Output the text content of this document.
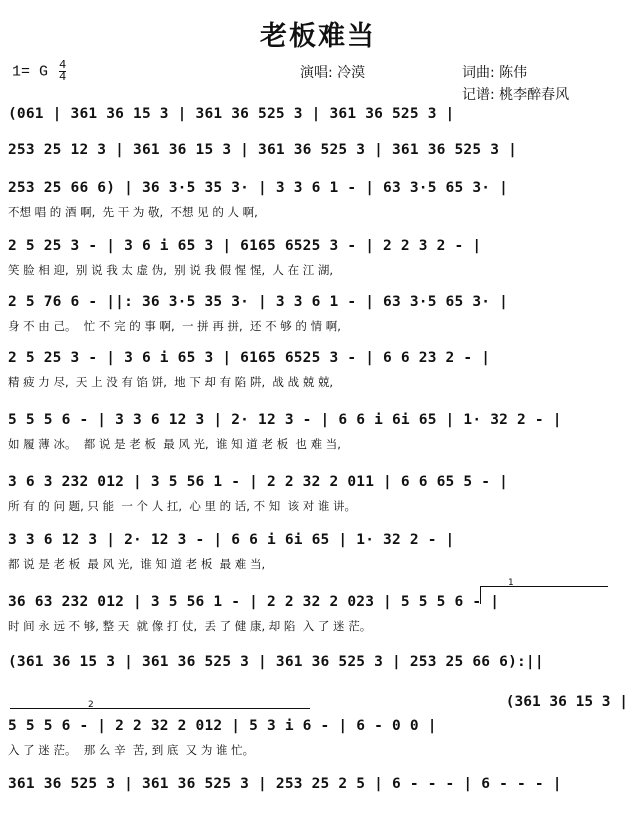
老板难当
1= G $\frac{4}{4}$	演唱: 冷漠	词曲: 陈伟
记谱: 桃李醉春风
(061 | 361 36 15 3 | 361 36 525 3 | 361 36 525 3 |
253 25 12 3 | 361 36 15 3 | 361 36 525 3 | 361 36 525 3 |
253 25 66 6) | 36 3·5 35 3· | 3 3 6 1 - | 63 3·5 65 3· |
不想 唱 的 酒 啊,  先 干 为 敬,  不想 见 的 人 啊,
2 5 25 3 - | 3 6 i 65 3 | 6165 6525 3 - | 2 2 3 2 - |
笑 脸 相 迎,  别 说 我 太 虚 伪,  别 说 我 假 惺 惺,  人 在 江 湖,
2 5 76 6 - ||: 36 3·5 35 3· | 3 3 6 1 - | 63 3·5 65 3· |
身 不 由 己。  忙 不 完 的 事 啊,  一 拼 再 拼,  还 不 够 的 情 啊,
2 5 25 3 - | 3 6 i 65 3 | 6165 6525 3 - | 6 6 23 2 - |
精 疲 力 尽,  天 上 没 有 馅 饼,  地 下 却 有 陷 阱,  战 战 兢 兢,
5 5 5 6 - | 3 3 6 12 3 | 2· 12 3 - | 6 6 i 6i 65 | 1· 32 2 - |
如 履 薄 冰。  都 说 是 老 板  最 风 光,  谁 知 道 老 板  也 难 当,
3 6 3 232 012 | 3 5 56 1 - | 2 2 32 2 011 | 6 6 65 5 - |
所 有 的 问 题, 只 能  一 个 人 扛,  心 里 的 话, 不 知  该 对 谁 讲。
3 3 6 12 3 | 2· 12 3 - | 6 6 i 6i 65 | 1· 32 2 - |
都 说 是 老 板  最 风 光,  谁 知 道 老 板  最 难 当,
36 63 232 012 | 3 5 56 1 - | 2 2 32 2 023 | 5 5 5 6 - |
时 间 永 远 不 够, 整 天  就 像 打 仗,  丢 了 健 康, 却 陷  入 了 迷 茫。
(361 36 15 3 | 361 36 525 3 | 361 36 525 3 | 253 25 66 6):||
5 5 5 6 - | 2 2 32 2 012 | 5 3 i 6 - | 6 - 0 0 |
入 了 迷 茫。  那 么 辛  苦, 到 底  又 为 谁 忙。
361 36 525 3 | 361 36 525 3 | 253 25 2 5 | 6 - - - | 6 - - - |
1
2	(361 36 15 3 |
